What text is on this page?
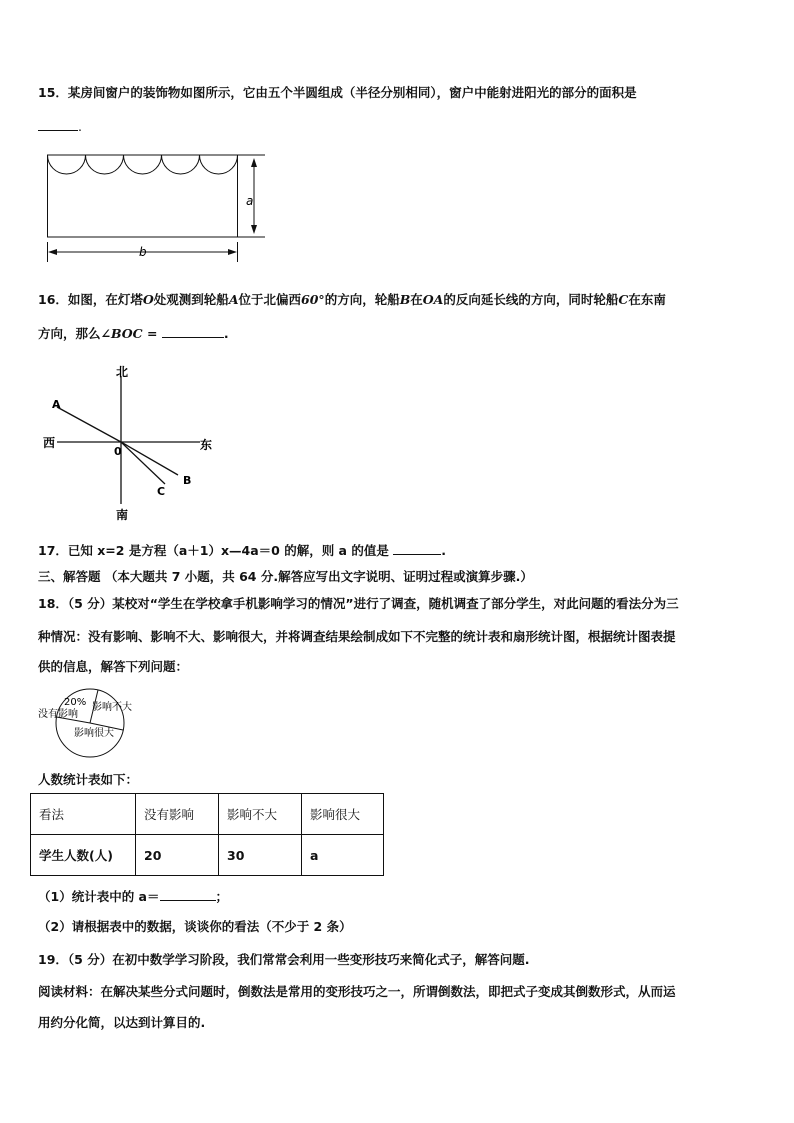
15．某房间窗户的装饰物如图所示，它由五个半圆组成（半径分别相同），窗户中能射进阳光的部分的面积是
.
a
b
16．如图，在灯塔O处观测到轮船A位于北偏西60°的方向，轮船B在OA的反向延长线的方向，同时轮船C在东南
方向，那么∠BOC =	.
北
南
西	东
A
B
C
0
17．已知 x=2 是方程（a＋1）x—4a＝0 的解，则 a 的值是	.
三、解答题 （本大题共 7 小题，共 64 分.解答应写出文字说明、证明过程或演算步骤.）
18．（5 分）某校对“学生在学校拿手机影响学习的情况”进行了调查，随机调查了部分学生，对此问题的看法分为三
种情况：没有影响、影响不大、影响很大，并将调查结果绘制成如下不完整的统计表和扇形统计图，根据统计图表提
供的信息，解答下列问题：
20%
没有影响
影响不大
影响很大
人数统计表如下：
看法	没有影响	影响不大	影响很大
学生人数(人)	20	30	a
（1）统计表中的 a＝	；
（2）请根据表中的数据，谈谈你的看法（不少于 2 条）
19．（5 分）在初中数学学习阶段，我们常常会利用一些变形技巧来简化式子，解答问题.
阅读材料：在解决某些分式问题时，倒数法是常用的变形技巧之一，所谓倒数法，即把式子变成其倒数形式，从而运
用约分化简，以达到计算目的.
